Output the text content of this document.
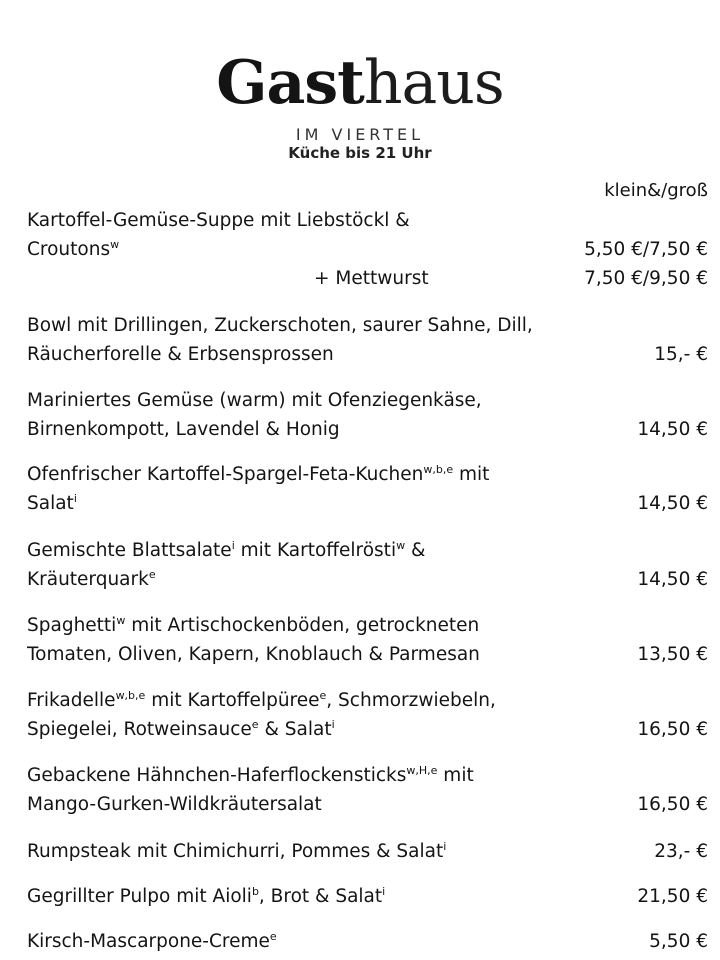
Gasthaus
IM VIERTEL
Küche bis 21 Uhr
klein&/groß
Kartoffel-Gemüse-Suppe mit Liebstöckl &
Croutons$^w$	5,50 €/7,50 €
+ Mettwurst	7,50 €/9,50 €
Bowl mit Drillingen, Zuckerschoten, saurer Sahne, Dill,
Räucherforelle & Erbsensprossen	15,- €
Mariniertes Gemüse (warm) mit Ofenziegenkäse,
Birnenkompott, Lavendel & Honig	14,50 €
Ofenfrischer Kartoffel-Spargel-Feta-Kuchen$^{w,b,e}$ mit
Salat$^i$	14,50 €
Gemischte Blattsalate$^i$ mit Kartoffelrösti$^w$ &
Kräuterquark$^e$	14,50 €
Spaghetti$^w$ mit Artischockenböden, getrockneten
Tomaten, Oliven, Kapern, Knoblauch & Parmesan	13,50 €
Frikadelle$^{w,b,e}$ mit Kartoffelpüree$^e$, Schmorzwiebeln,
Spiegelei, Rotweinsauce$^e$ & Salat$^i$	16,50 €
Gebackene Hähnchen-Haferflockensticks$^{w,H,e}$ mit
Mango-Gurken-Wildkräutersalat	16,50 €
Rumpsteak mit Chimichurri, Pommes & Salat$^i$	23,- €
Gegrillter Pulpo mit Aioli$^b$, Brot & Salat$^i$	21,50 €
Kirsch-Mascarpone-Creme$^e$	5,50 €
